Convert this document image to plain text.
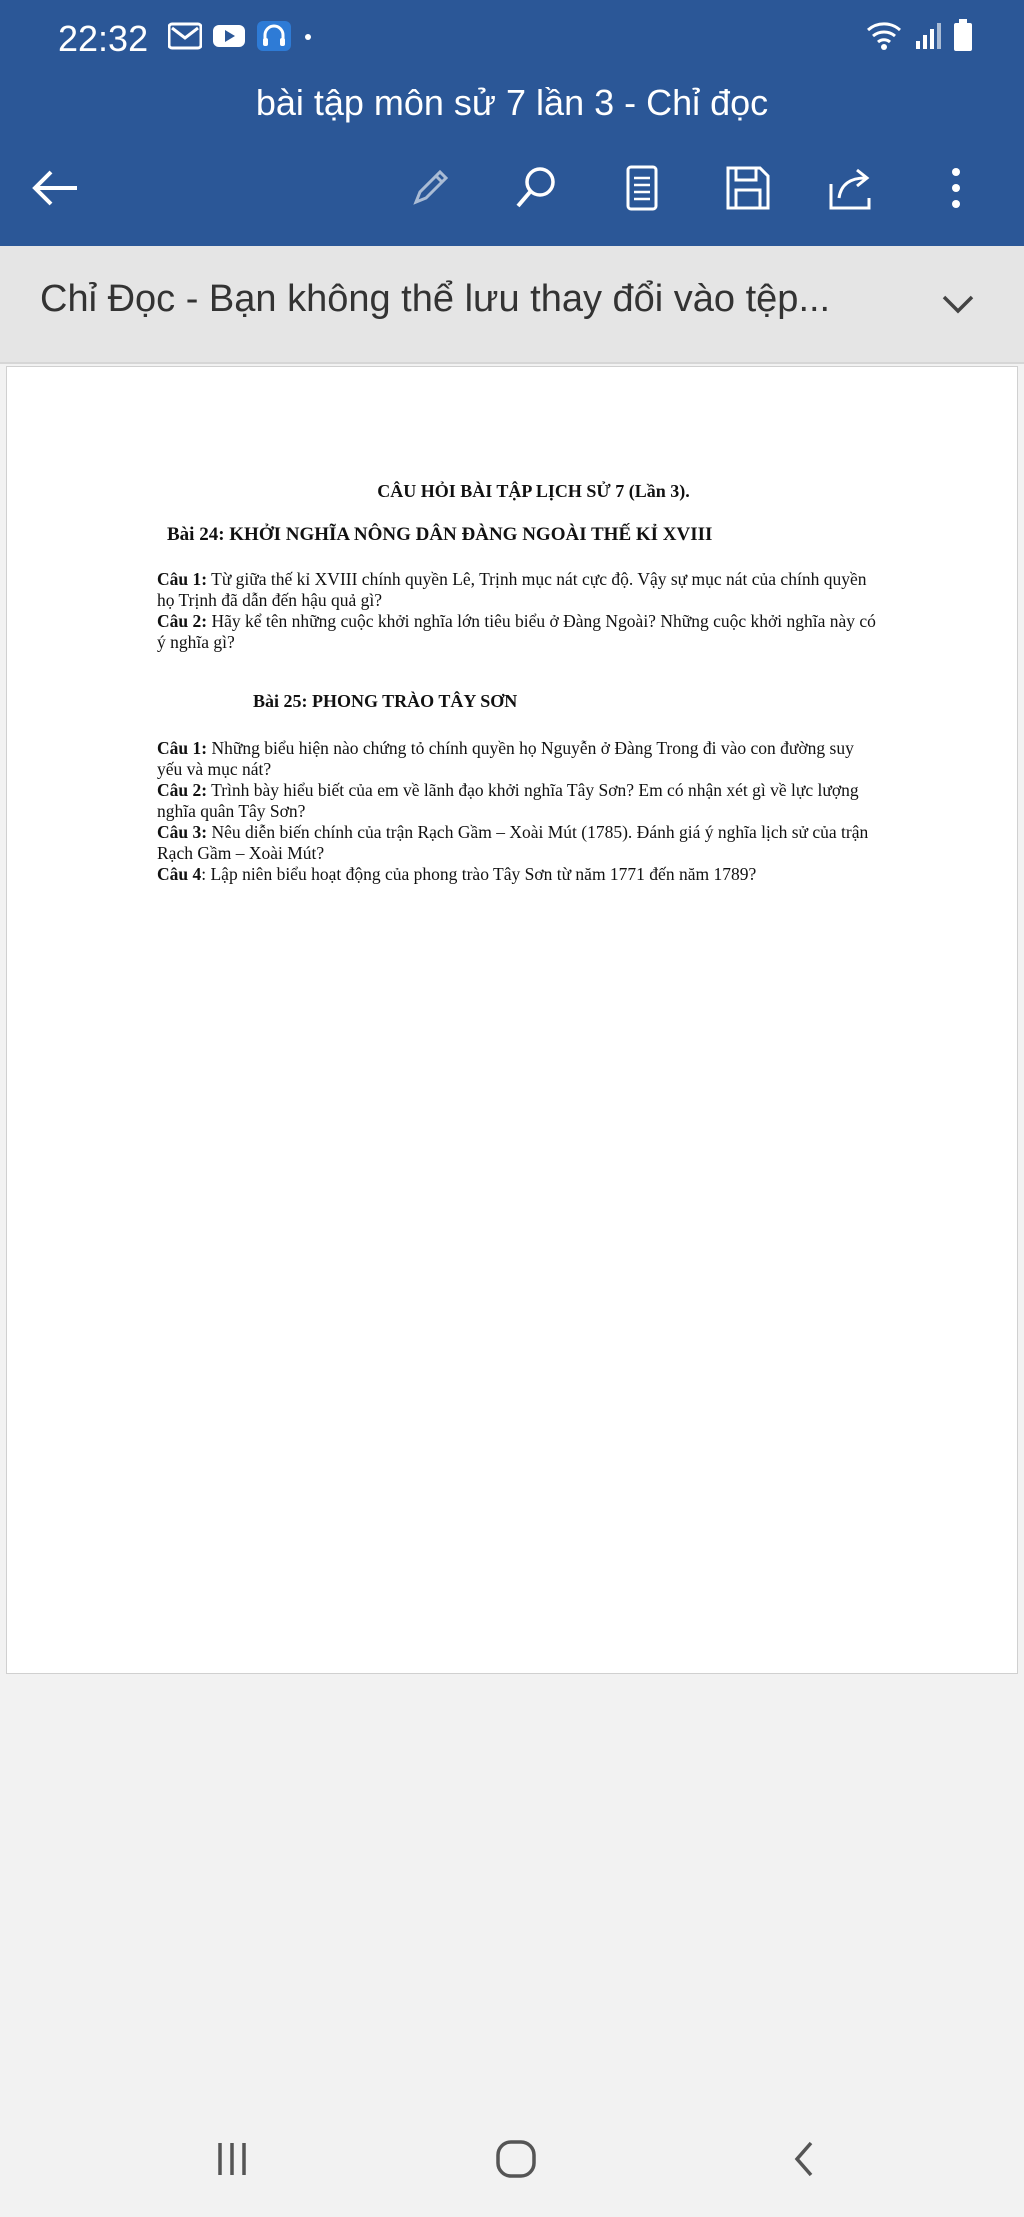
22:32
bài tập môn sử 7 lần 3 - Chỉ đọc
Chỉ Đọc - Bạn không thể lưu thay đổi vào tệp...
CÂU HỎI BÀI TẬP LỊCH SỬ 7 (Lần 3).
Bài 24: KHỞI NGHĨA NÔNG DÂN ĐÀNG NGOÀI THẾ KỈ XVIII

Câu 1: Từ giữa thế kỉ XVIII chính quyền Lê, Trịnh mục nát cực độ. Vậy sự mục nát của chính quyền họ Trịnh đã dẫn đến hậu quả gì?

Câu 2: Hãy kể tên những cuộc khởi nghĩa lớn tiêu biểu ở Đàng Ngoài? Những cuộc khởi nghĩa này có ý nghĩa gì?

Bài 25: PHONG TRÀO TÂY SƠN

Câu 1: Những biểu hiện nào chứng tỏ chính quyền họ Nguyễn ở Đàng Trong đi vào con đường suy yếu và mục nát?

Câu 2: Trình bày hiểu biết của em về lãnh đạo khởi nghĩa Tây Sơn? Em có nhận xét gì về lực lượng nghĩa quân Tây Sơn?

Câu 3: Nêu diễn biến chính của trận Rạch Gầm – Xoài Mút (1785). Đánh giá ý nghĩa lịch sử của trận Rạch Gầm – Xoài Mút?

Câu 4: Lập niên biểu hoạt động của phong trào Tây Sơn từ năm 1771 đến năm 1789?
